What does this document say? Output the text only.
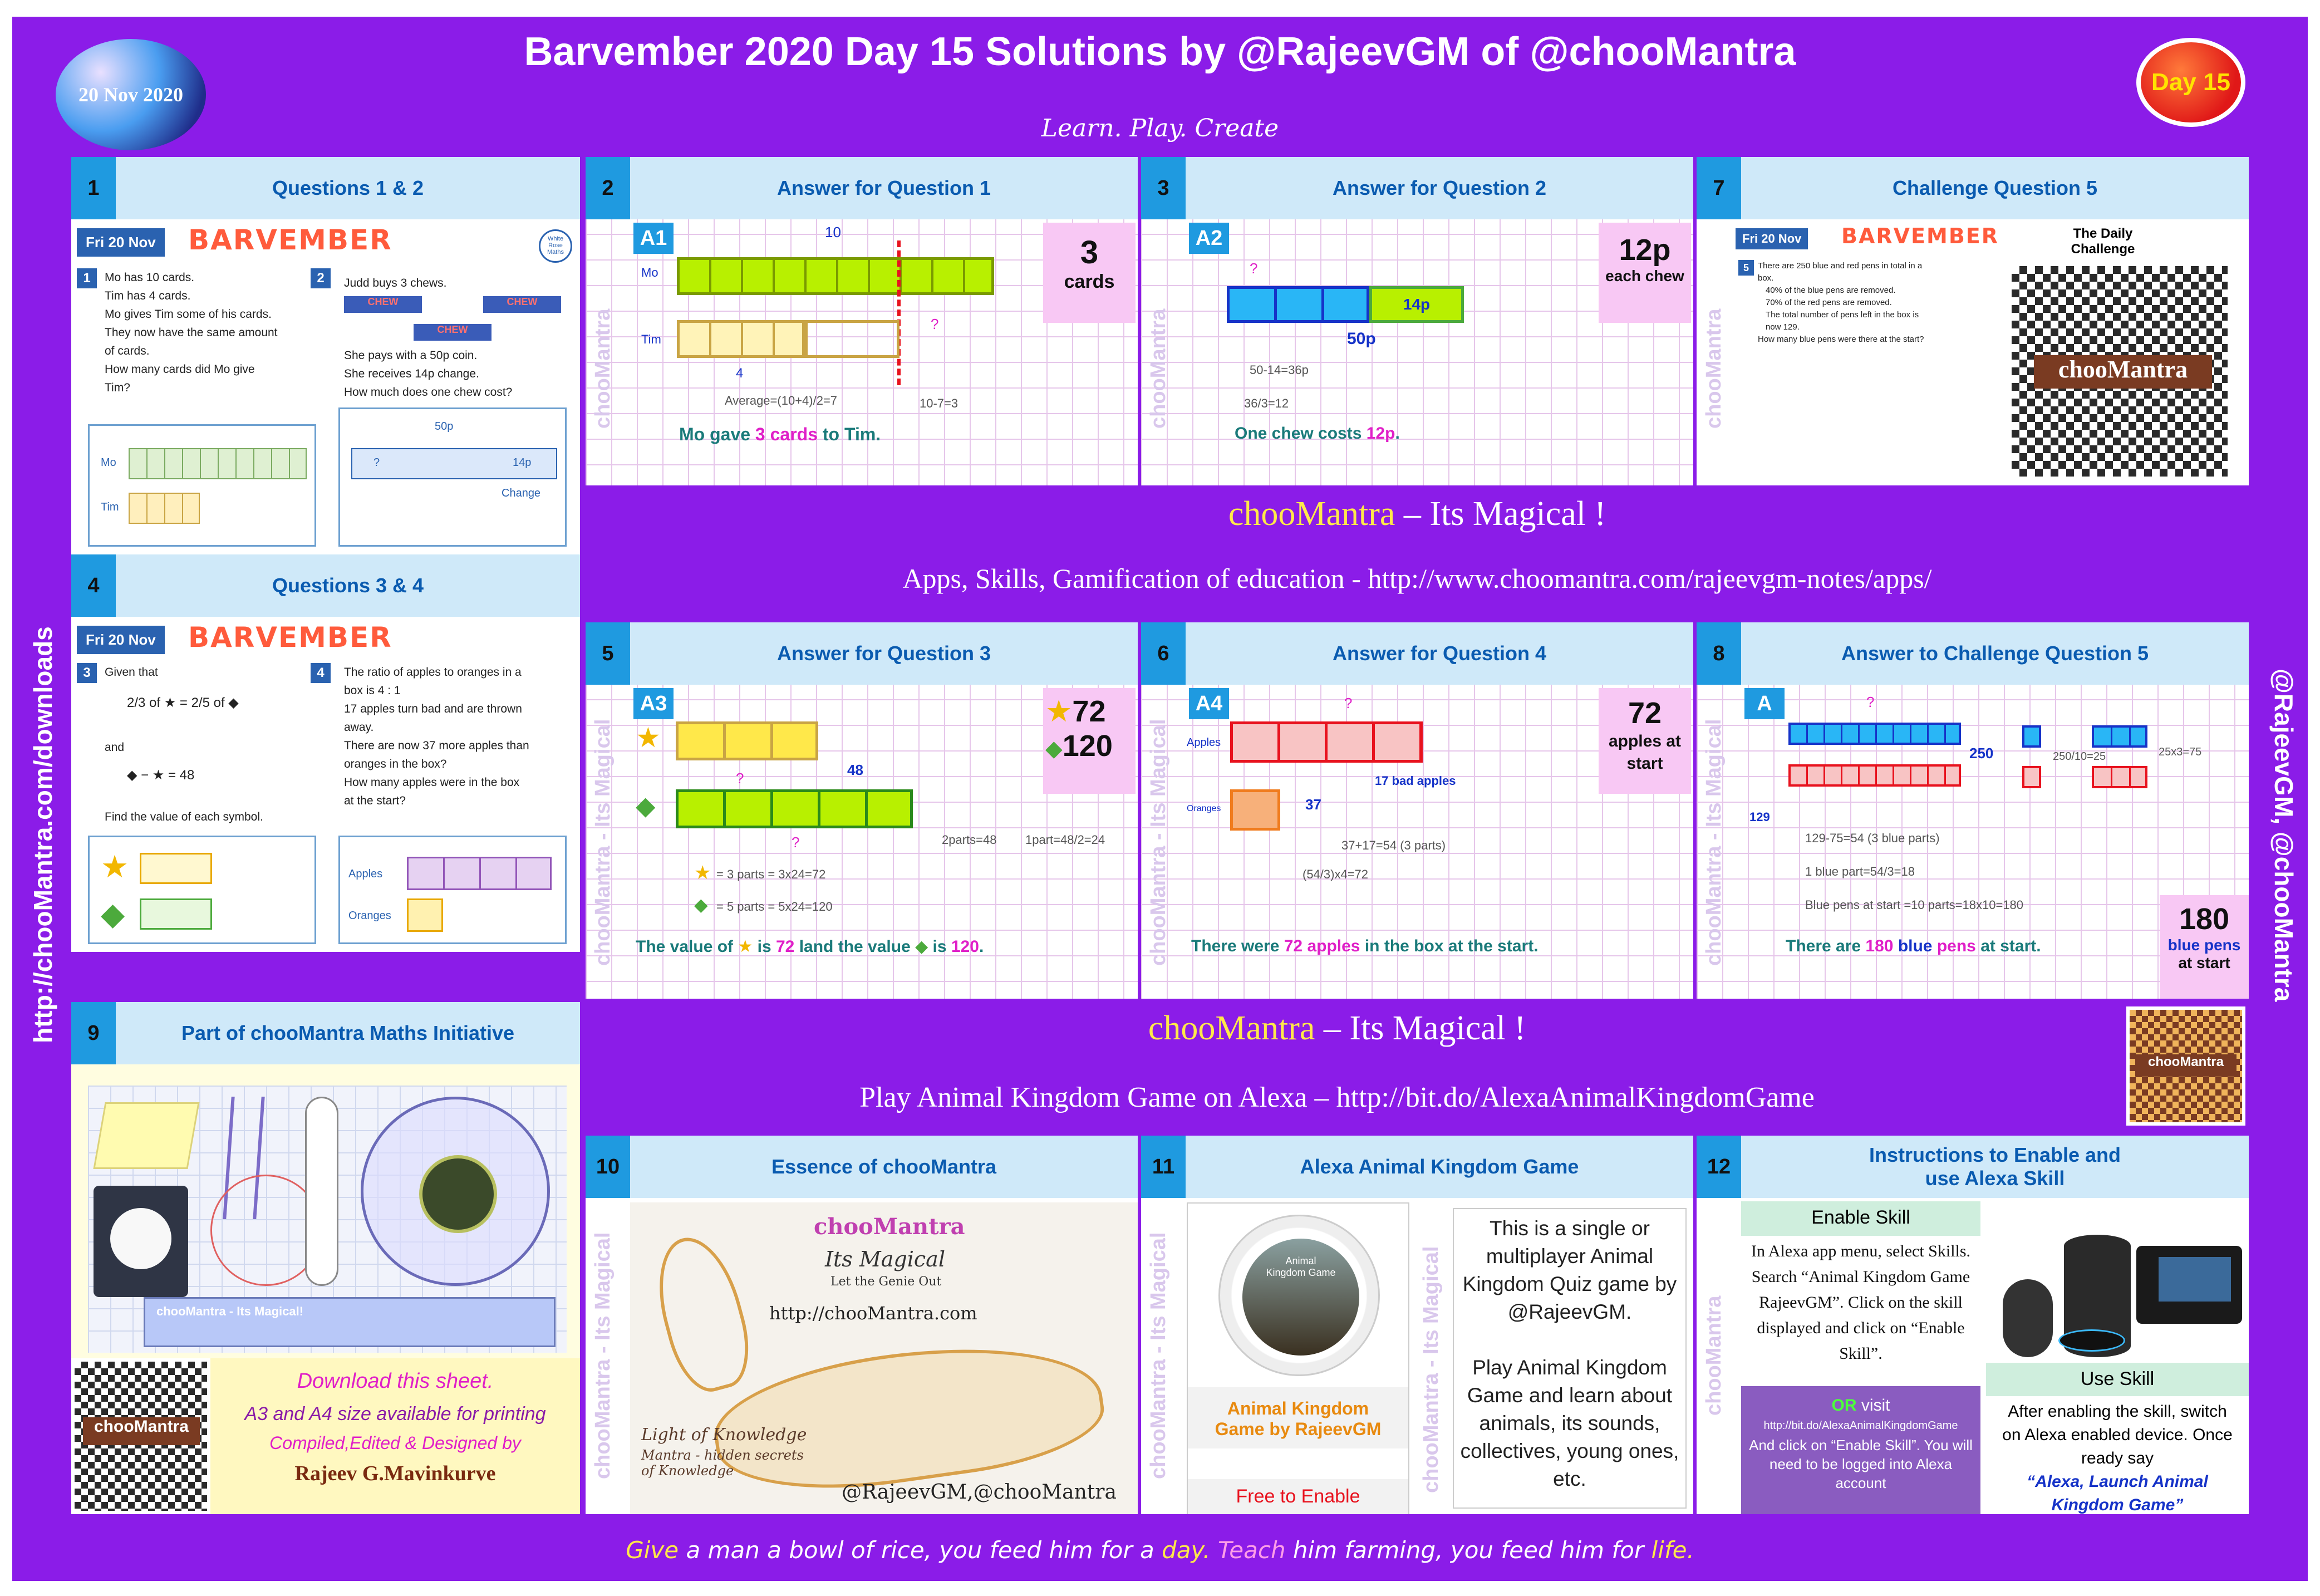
20 Nov 2020
Barvember 2020 Day 15 Solutions by @RajeevGM of @chooMantra
Learn. Play. Create
Day 15
http://chooMantra.com/downloads	@RajeevGM, @chooMantra
Questions 1 & 2
1
Fri 20 Nov	BARVEMBER	White Rose Maths
1	Mo has 10 cards.
Tim has 4 cards.
Mo gives Tim some of his cards.
They now have the same amount
of cards.
How many cards did Mo give
Tim?
2
CHEW	CHEW
CHEW
She pays with a 50p coin.
She receives 14p change.
How much does one chew cost?
Judd buys 3 chews.
Mo
Tim
50p
?	14p
Change
Questions 3 & 4
4
Fri 20 Nov	BARVEMBER
3	Given that
2/3 of ★ = 2/5 of ◆
and
◆ − ★ = 48
Find the value of each symbol.
4	The ratio of apples to oranges in a
box is 4 : 1
17 apples turn bad and are thrown
away.
There are now 37 more apples than
oranges in the box?
How many apples were in the box
at the start?
★
◆
Apples
Oranges
Answer for Question 1
2
chooMantra
A1
Mo
10
Tim
4
?
Average=(10+4)/2=7	10-7=3
3
cards
Mo gave 3 cards to Tim.
Answer for Question 2
3
chooMantra
A2
?
14p
50p
50-14=36p
36/3=12
12p
each chew
One chew costs 12p.
Challenge Question 5
7
chooMantra
Fri 20 Nov	BARVEMBER	The Daily Challenge
5	There are 250 blue and red pens in total in a box.
40% of the blue pens are removed.
70% of the red pens are removed.
The total number of pens left in the box is now 129.
How many blue pens were there at the start?
chooMantra
chooMantra – Its Magical !
Apps, Skills, Gamification of education - http://www.choomantra.com/rajeevgm-notes/apps/
Answer for Question 3
5
chooMantra - Its Magical
A3
★
?	48
◆
?	2parts=48 1part=48/2=24
★ = 3 parts = 3x24=72
◆ = 5 parts = 5x24=120
★72
◆120
The value of ★ is 72 land the value ◆ is 120.
Answer for Question 4
6
chooMantra - Its Magical
A4	?
Apples
17 bad apples
Oranges	37
37+17=54 (3 parts)
(54/3)x4=72
72
apples at start
There were 72 apples in the box at the start.
Answer to Challenge Question 5
8
chooMantra - Its Magical
A	?
250
129
250/10=25	25x3=75
129-75=54 (3 blue parts)
1 blue part=54/3=18
Blue pens at start =10 parts=18x10=180
There are 180 blue pens at start.
180
blue pens
at start
Part of chooMantra Maths Initiative
9
chooMantra - Its Magical!
chooMantra
Download this sheet.
A3 and A4 size available for printing
Compiled,Edited & Designed by
Rajeev G.Mavinkurve
chooMantra – Its Magical !
Play Animal Kingdom Game on Alexa – http://bit.do/AlexaAnimalKingdomGame
chooMantra
Essence of chooMantra
10
chooMantra - Its Magical
chooMantra
Its Magical
Let the Genie Out
http://chooMantra.com
Light of Knowledge
Mantra - hidden secrets of Knowledge
@RajeevGM,@chooMantra
Alexa Animal Kingdom Game
11
chooMantra - Its Magical	Animal Kingdom Game
Animal Kingdom Game by RajeevGM
Free to Enable
chooMantra - Its Magical
This is a single or multiplayer Animal Kingdom Quiz game by @RajeevGM.
Play Animal Kingdom Game and learn about animals, its sounds, collectives, young ones, etc.
Instructions to Enable and use Alexa Skill
12
chooMantra
Enable Skill
In Alexa app menu, select Skills. Search “Animal Kingdom Game RajeevGM”. Click on the skill displayed and click on “Enable Skill”.
OR visit
http://bit.do/AlexaAnimalKingdomGame
And click on “Enable Skill”. You will need to be logged into Alexa account
Use Skill
After enabling the skill, switch on Alexa enabled device. Once ready say
“Alexa, Launch Animal Kingdom Game”
Give a man a bowl of rice, you feed him for a day. Teach him farming, you feed him for life.
